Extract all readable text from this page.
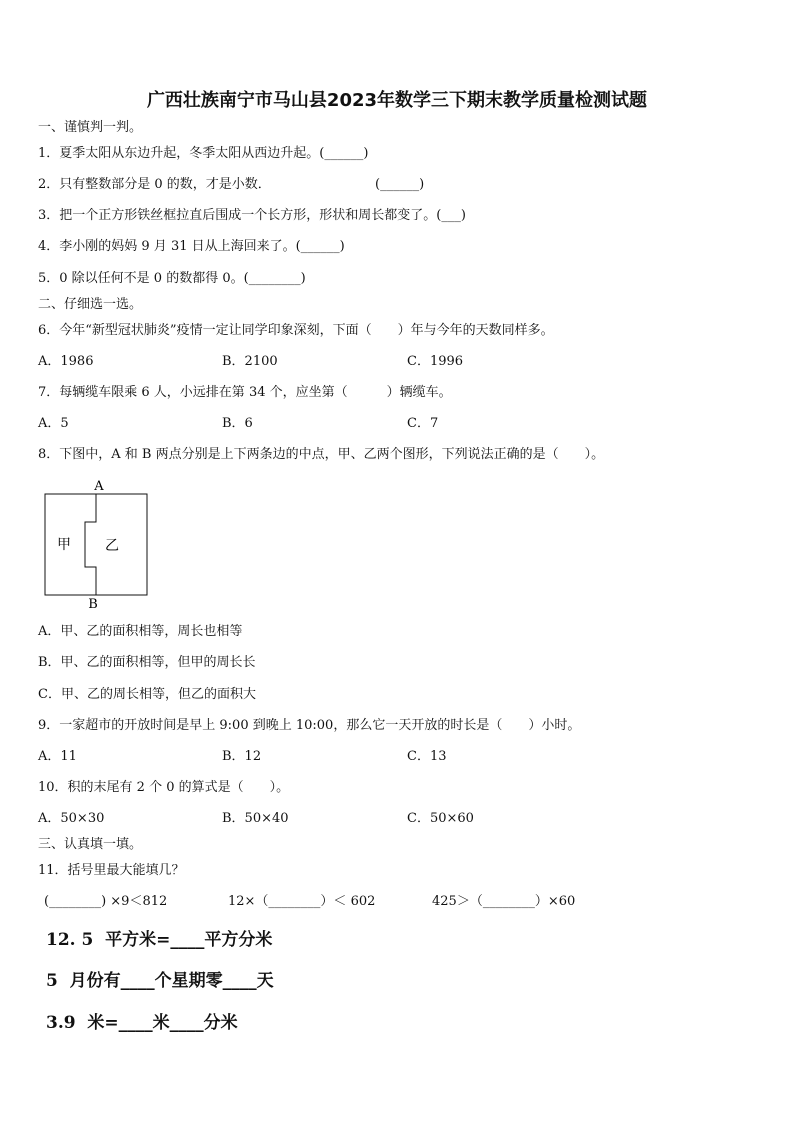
广西壮族南宁市马山县2023年数学三下期末教学质量检测试题
一、谨慎判一判。
1．夏季太阳从东边升起，冬季太阳从西边升起。(______)
2．只有整数部分是 0 的数，才是小数．	(______)
3．把一个正方形铁丝框拉直后围成一个长方形，形状和周长都变了。(___)
4．李小刚的妈妈 9 月 31 日从上海回来了。(______)
5．0 除以任何不是 0 的数都得 0。(________)
二、仔细选一选。
6．今年“新型冠状肺炎”疫情一定让同学印象深刻，下面（　　）年与今年的天数同样多。
A．1986	B．2100	C．1996
7．每辆缆车限乘 6 人，小远排在第 34 个，应坐第（　　　）辆缆车。
A．5	B．6	C．7
8．下图中，A 和 B 两点分别是上下两条边的中点，甲、乙两个图形，下列说法正确的是（　　）。
A
B
甲 乙
A．甲、乙的面积相等，周长也相等
B．甲、乙的面积相等，但甲的周长长
C．甲、乙的周长相等，但乙的面积大
9．一家超市的开放时间是早上 9:00 到晚上 10:00，那么它一天开放的时长是（　　）小时。
A．11	B．12	C．13
10．积的末尾有 2 个 0 的算式是（　　）。
A．50×30	B．50×40	C．50×60
三、认真填一填。
11．括号里最大能填几？
(________) ×9＜812	12×（________）＜ 602	425＞（________）×60
12. 5  平方米=____平方分米
5  月份有____个星期零____天
3.9  米=____米____分米
